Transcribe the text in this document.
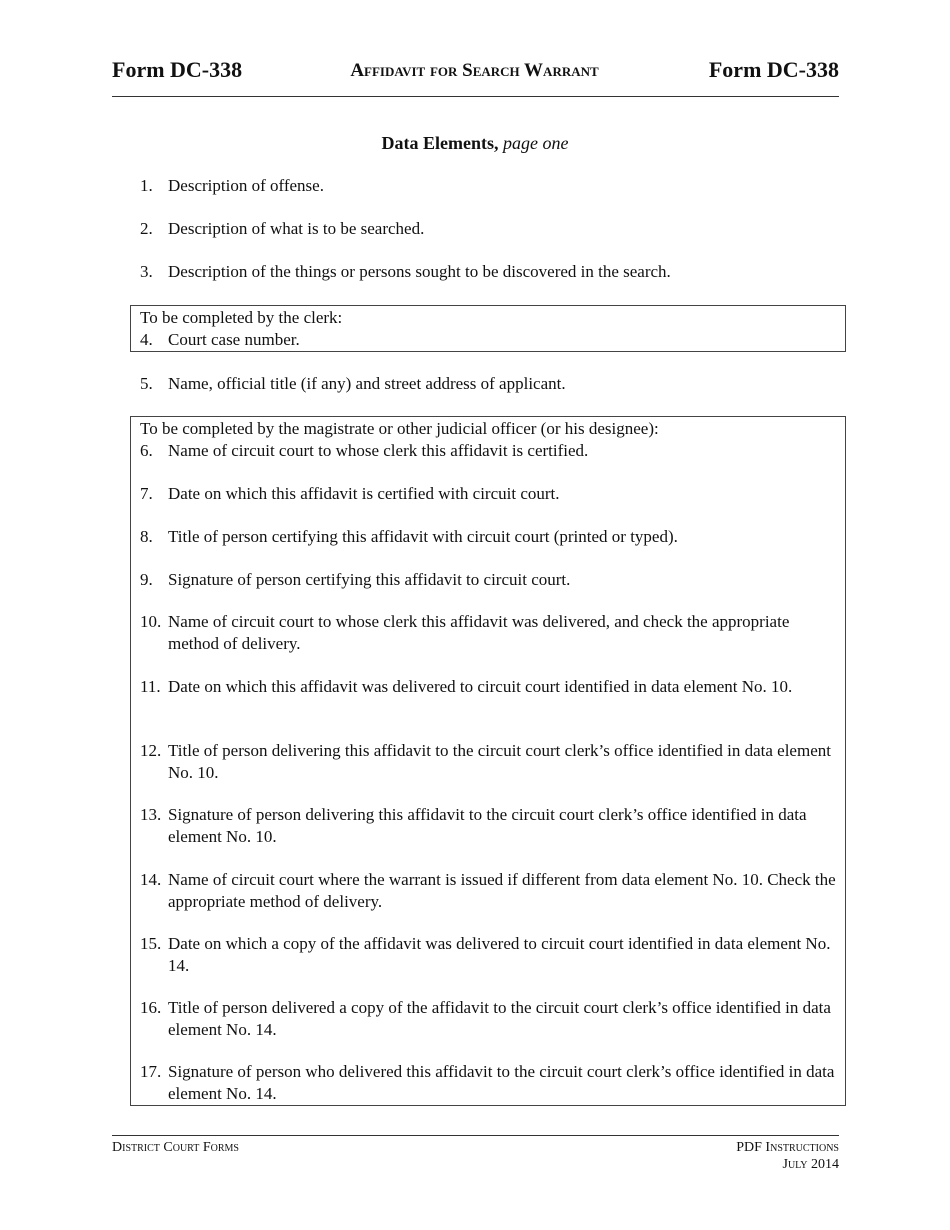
Form DC-338	Affidavit for Search Warrant	Form DC-338
Data Elements, page one
1. Description of offense.
2. Description of what is to be searched.
3. Description of the things or persons sought to be discovered in the search.
To be completed by the clerk:
4. Court case number.
5. Name, official title (if any) and street address of applicant.
To be completed by the magistrate or other judicial officer (or his designee):
6. Name of circuit court to whose clerk this affidavit is certified.
7. Date on which this affidavit is certified with circuit court.
8. Title of person certifying this affidavit with circuit court (printed or typed).
9. Signature of person certifying this affidavit to circuit court.
10. Name of circuit court to whose clerk this affidavit was delivered, and check the appropriate method of delivery.
11. Date on which this affidavit was delivered to circuit court identified in data element No. 10.
12. Title of person delivering this affidavit to the circuit court clerk’s office identified in data element No. 10.
13. Signature of person delivering this affidavit to the circuit court clerk’s office identified in data element No. 10.
14. Name of circuit court where the warrant is issued if different from data element No. 10. Check the appropriate method of delivery.
15. Date on which a copy of the affidavit was delivered to circuit court identified in data element No. 14.
16. Title of person delivered a copy of the affidavit to the circuit court clerk’s office identified in data element No. 14.
17. Signature of person who delivered this affidavit to the circuit court clerk’s office identified in data element No. 14.
District Court Forms	PDF Instructions
July 2014
